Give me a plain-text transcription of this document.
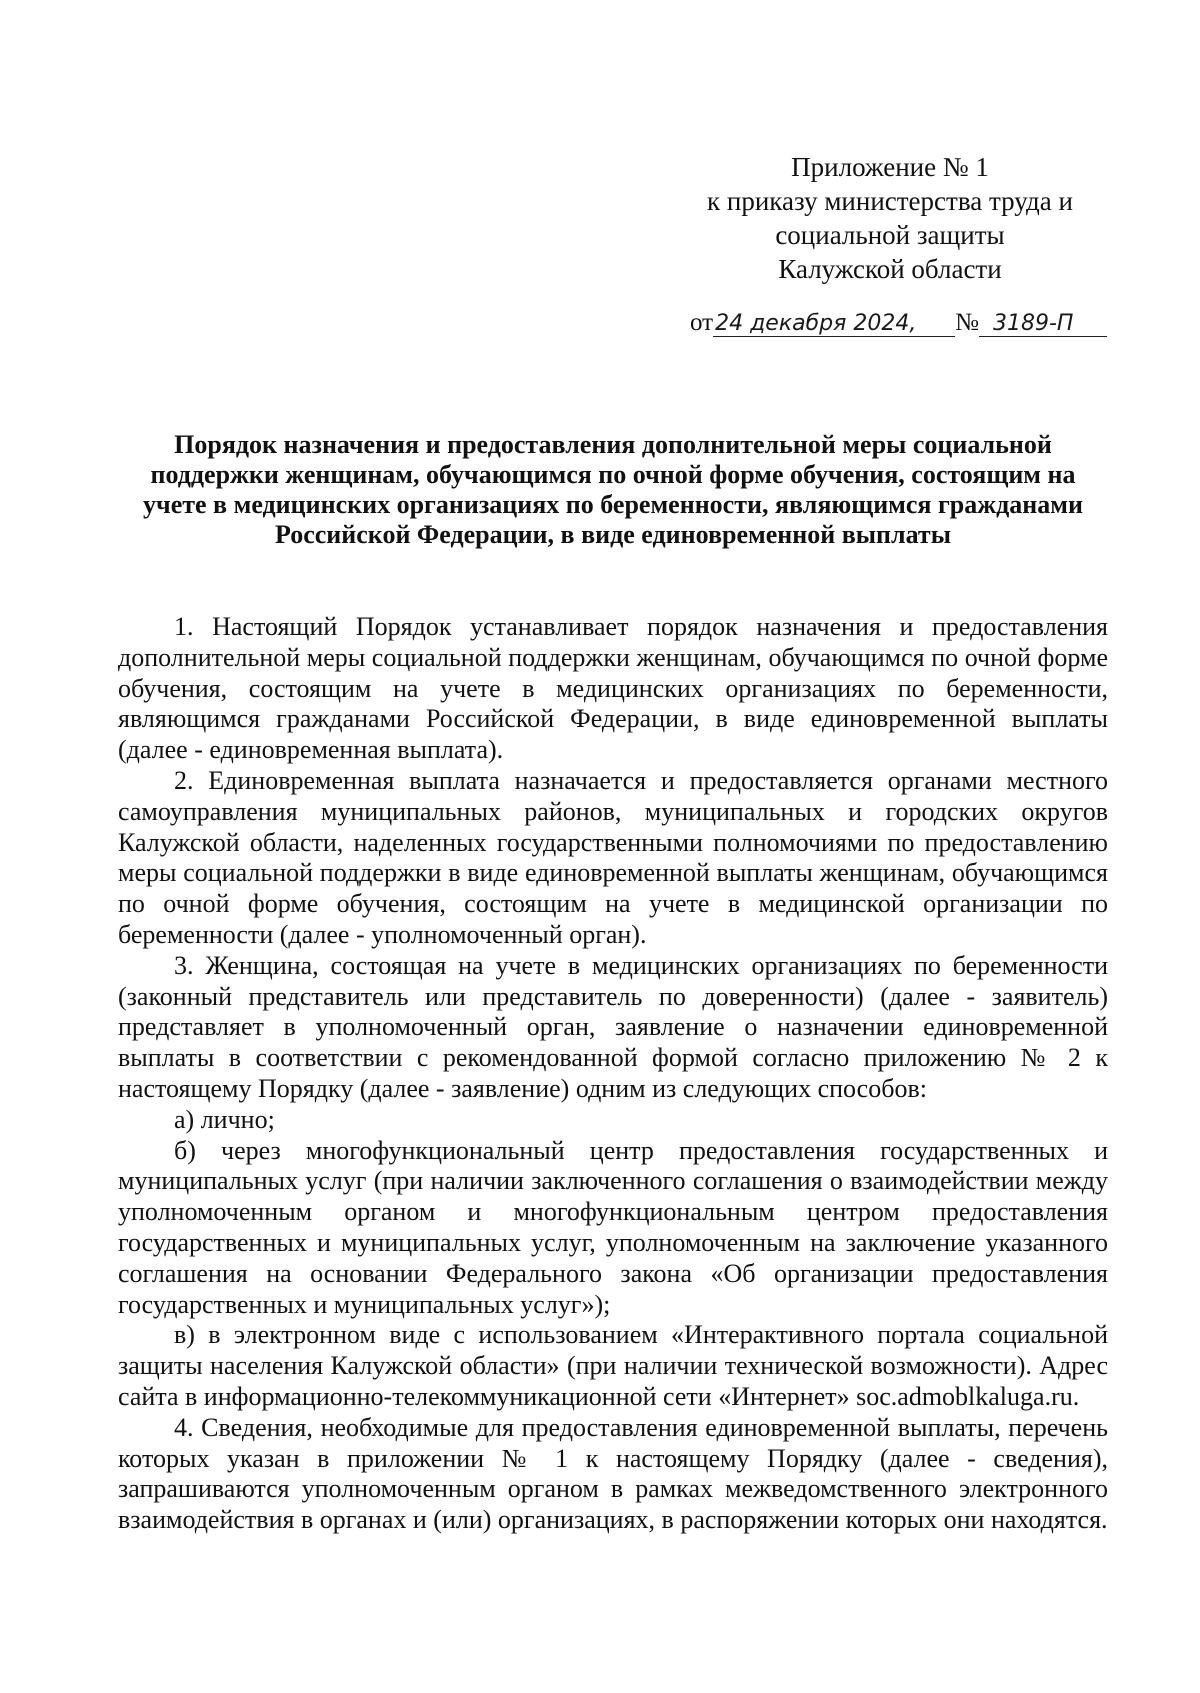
Приложение № 1
к приказу министерства труда и
социальной защиты
Калужской области
от24 декабря 2024, № 3189-П
Порядок назначения и предоставления дополнительной меры социальной
поддержки женщинам, обучающимся по очной форме обучения, состоящим на
учете в медицинских организациях по беременности, являющимся гражданами
Российской Федерации, в виде единовременной выплаты

1. Настоящий Порядок устанавливает порядок назначения и предоставления дополнительной меры социальной поддержки женщинам, обучающимся по очной форме обучения, состоящим на учете в медицинских организациях по беременности, являющимся гражданами Российской Федерации, в виде единовременной выплаты (далее - единовременная выплата).

2. Единовременная выплата назначается и предоставляется органами местного самоуправления муниципальных районов, муниципальных и городских округов Калужской области, наделенных государственными полномочиями по предоставлению меры социальной поддержки в виде единовременной выплаты женщинам, обучающимся по очной форме обучения, состоящим на учете в медицинской организации по беременности (далее - уполномоченный орган).

3. Женщина, состоящая на учете в медицинских организациях по беременности (законный представитель или представитель по доверенности) (далее - заявитель) представляет в уполномоченный орган, заявление о назначении единовременной выплаты в соответствии с рекомендованной формой согласно приложению № 2 к настоящему Порядку (далее - заявление) одним из следующих способов:

а) лично;

б) через многофункциональный центр предоставления государственных и муниципальных услуг (при наличии заключенного соглашения о взаимодействии между уполномоченным органом и многофункциональным центром предоставления государственных и муниципальных услуг, уполномоченным на заключение указанного соглашения на основании Федерального закона «Об организации предоставления государственных и муниципальных услуг»);

в) в электронном виде с использованием «Интерактивного портала социальной защиты населения Калужской области» (при наличии технической возможности). Адрес сайта в информационно-телекоммуникационной сети «Интернет» soc.admoblkaluga.ru.

4. Сведения, необходимые для предоставления единовременной выплаты, перечень которых указан в приложении № 1 к настоящему Порядку (далее - сведения), запрашиваются уполномоченным органом в рамках межведомственного электронного взаимодействия в органах и (или) организациях, в распоряжении которых они находятся.
